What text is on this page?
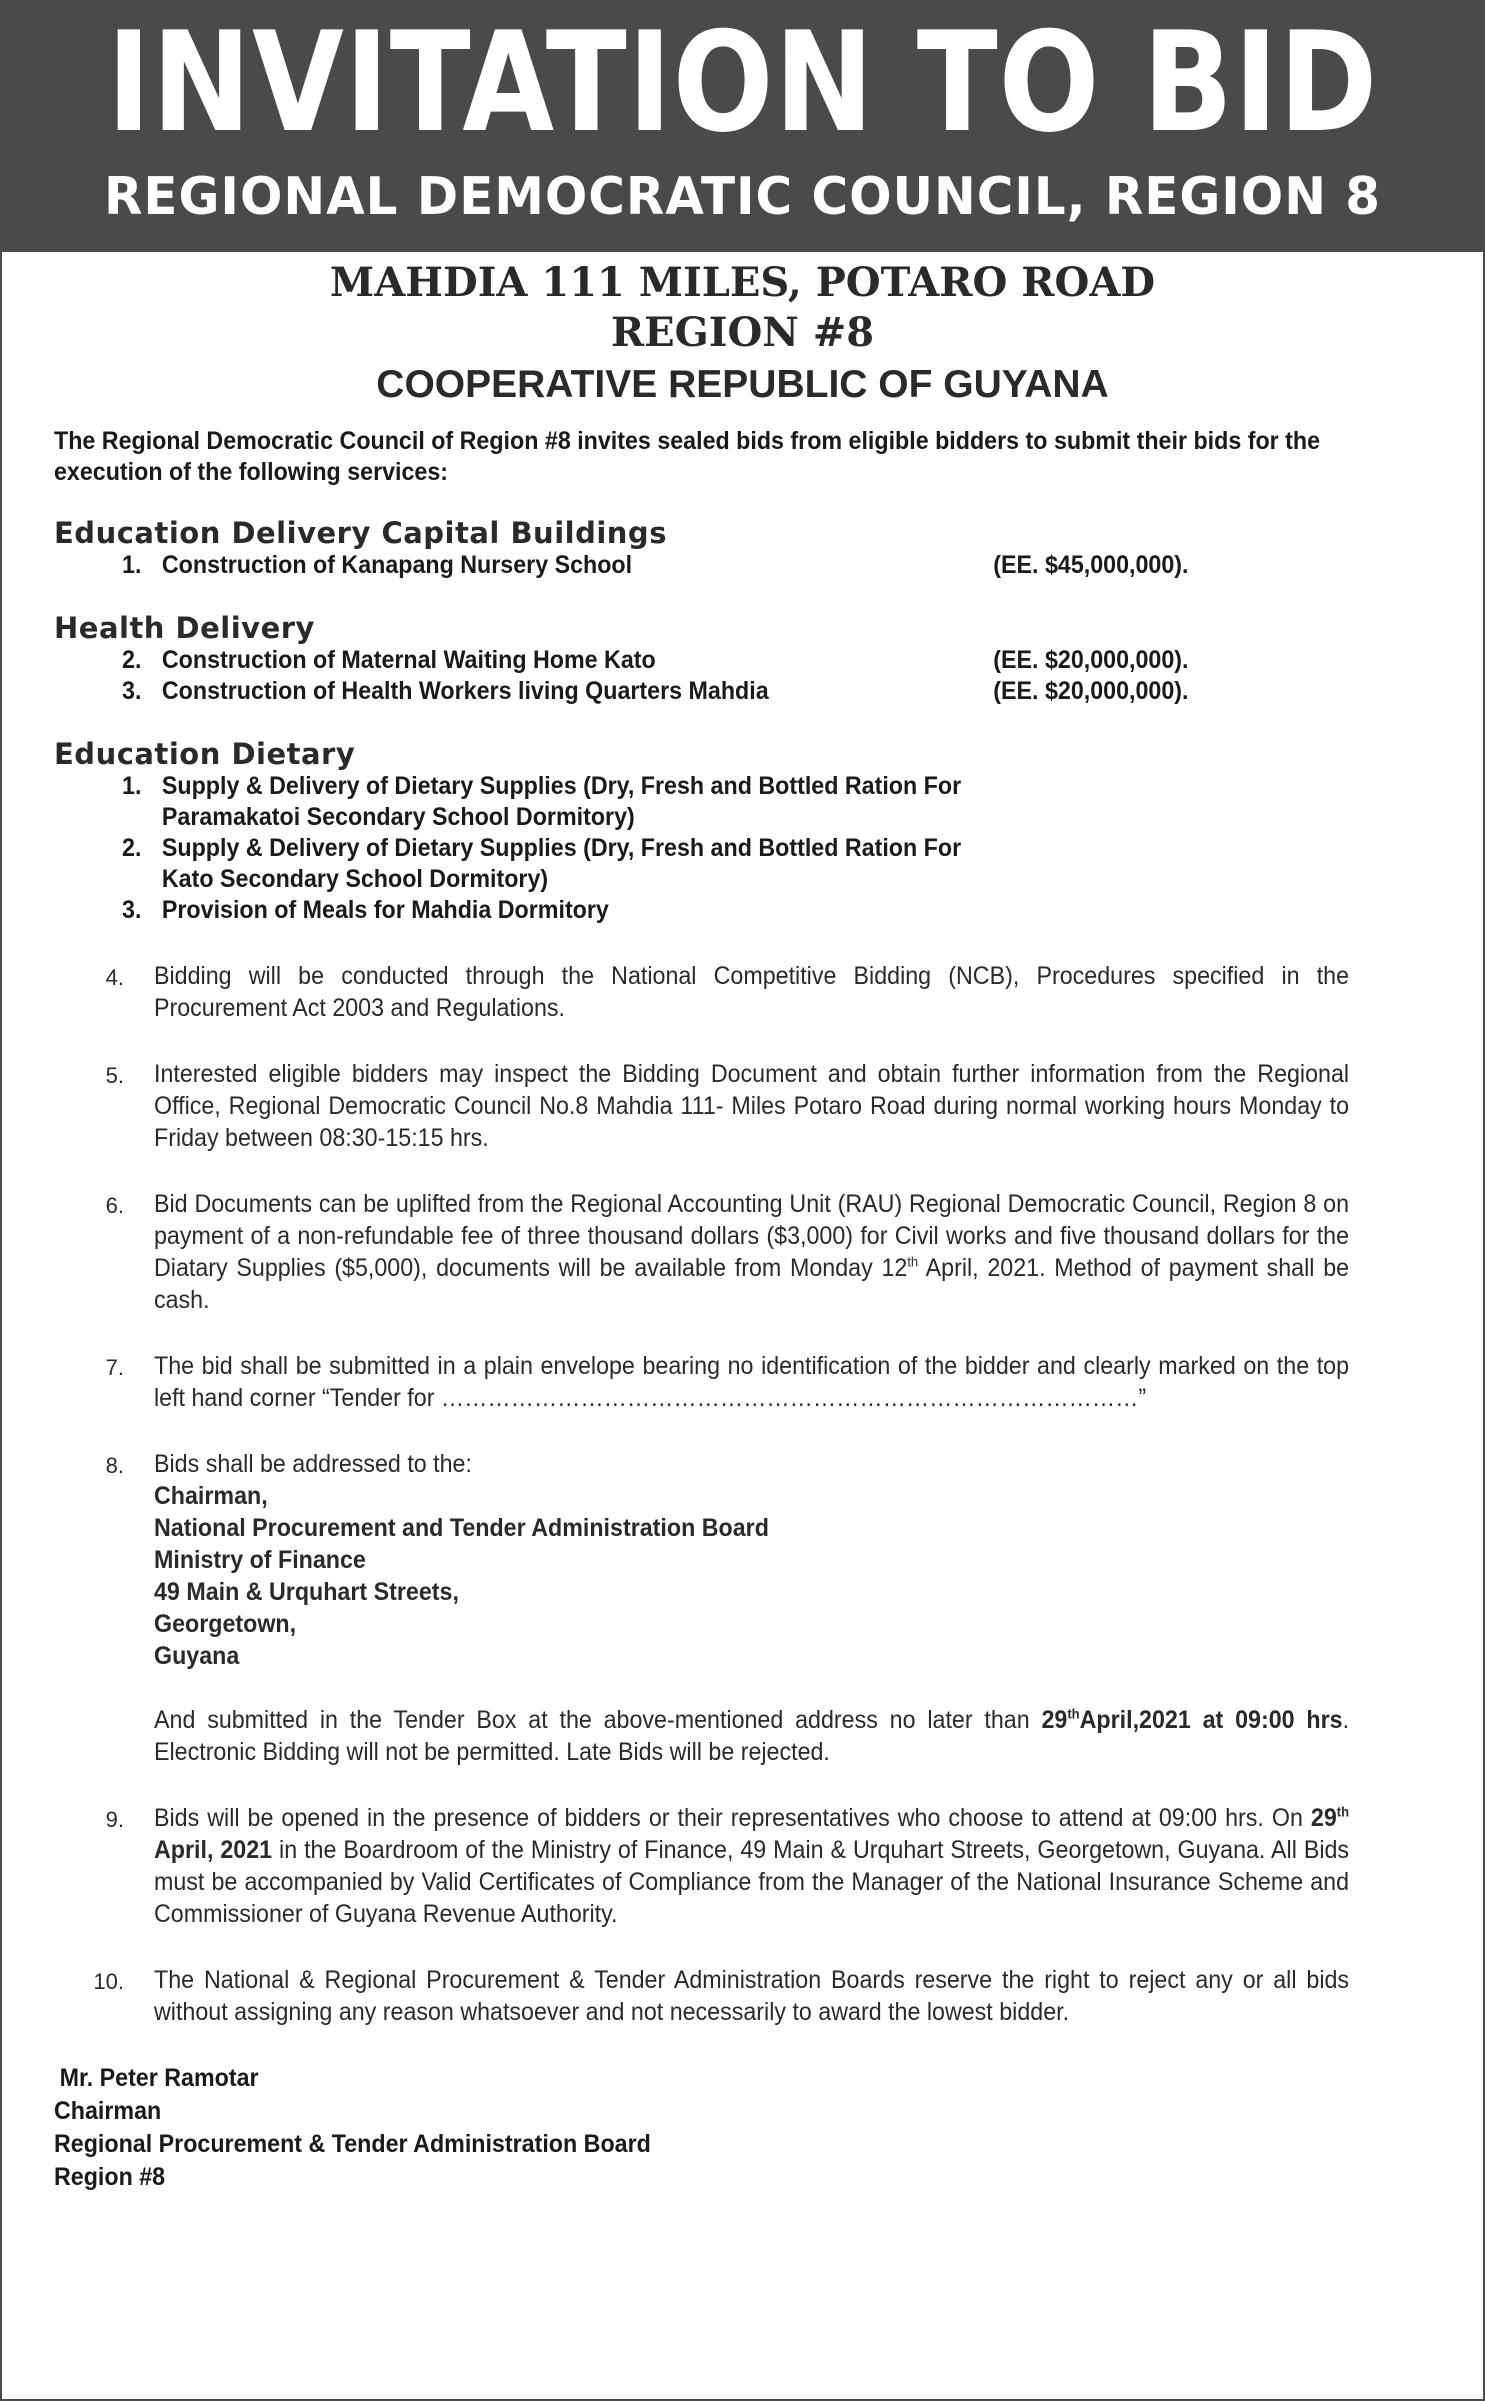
INVITATION TO BID
REGIONAL DEMOCRATIC COUNCIL, REGION 8
MAHDIA 111 MILES, POTARO ROAD
REGION #8
COOPERATIVE REPUBLIC OF GUYANA
The Regional Democratic Council of Region #8 invites sealed bids from eligible bidders to submit their bids for the execution of the following services:
Education Delivery Capital Buildings
1. Construction of Kanapang Nursery School	(EE. $45,000,000).
Health Delivery
2. Construction of Maternal Waiting Home Kato	(EE. $20,000,000).
3. Construction of Health Workers living Quarters Mahdia	(EE. $20,000,000).
Education Dietary
1. Supply & Delivery of Dietary Supplies (Dry, Fresh and Bottled Ration For
Paramakatoi Secondary School Dormitory)
2. Supply & Delivery of Dietary Supplies (Dry, Fresh and Bottled Ration For
Kato Secondary School Dormitory)
3. Provision of Meals for Mahdia Dormitory
4. Bidding will be conducted through the National Competitive Bidding (NCB), Procedures specified in the Procurement Act 2003 and Regulations.
5. Interested eligible bidders may inspect the Bidding Document and obtain further information from the Regional Office, Regional Democratic Council No.8 Mahdia 111- Miles Potaro Road during normal working hours Monday to Friday between 08:30-15:15 hrs.
6. Bid Documents can be uplifted from the Regional Accounting Unit (RAU) Regional Democratic Council, Region 8 on payment of a non-refundable fee of three thousand dollars ($3,000) for Civil works and five thousand dollars for the Diatary Supplies ($5,000), documents will be available from Monday 12th April, 2021. Method of payment shall be cash.
7. The bid shall be submitted in a plain envelope bearing no identification of the bidder and clearly marked on the top left hand corner “Tender for ………………………………………………………………………………”
8. Bids shall be addressed to the:
Chairman,
National Procurement and Tender Administration Board
Ministry of Finance
49 Main & Urquhart Streets,
Georgetown,
Guyana
And submitted in the Tender Box at the above-mentioned address no later than 29thApril,2021 at 09:00 hrs. Electronic Bidding will not be permitted. Late Bids will be rejected.
9. Bids will be opened in the presence of bidders or their representatives who choose to attend at 09:00 hrs. On 29th April, 2021 in the Boardroom of the Ministry of Finance, 49 Main & Urquhart Streets, Georgetown, Guyana. All Bids must be accompanied by Valid Certificates of Compliance from the Manager of the National Insurance Scheme and Commissioner of Guyana Revenue Authority.
10. The National & Regional Procurement & Tender Administration Boards reserve the right to reject any or all bids without assigning any reason whatsoever and not necessarily to award the lowest bidder.
Mr. Peter Ramotar
Chairman
Regional Procurement & Tender Administration Board
Region #8
